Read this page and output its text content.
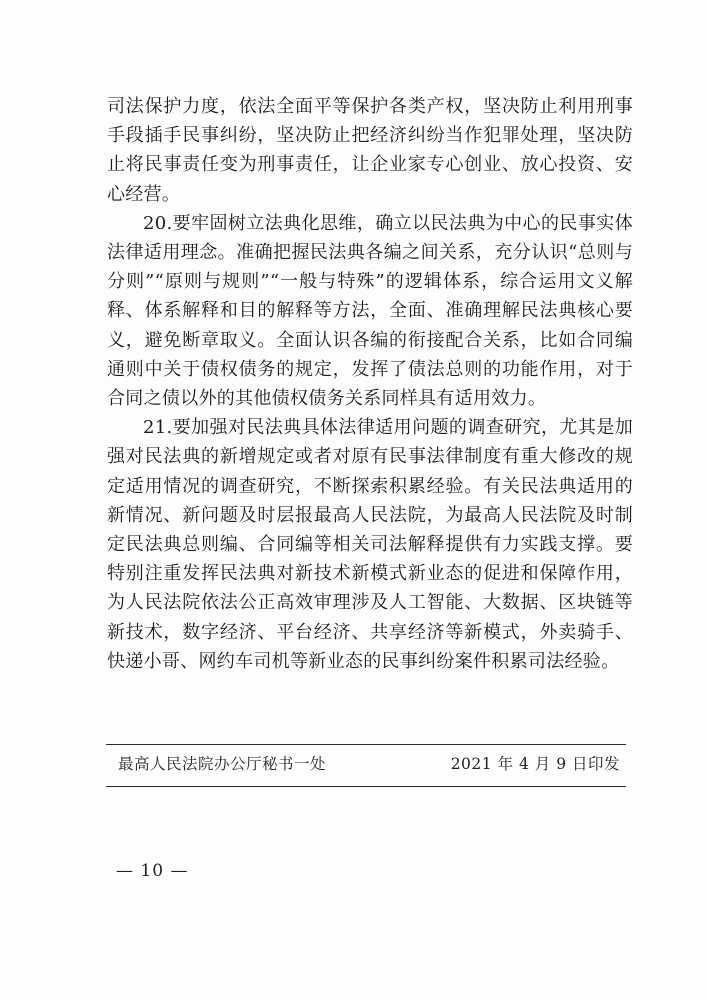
司法保护力度，依法全面平等保护各类产权，坚决防止利用刑事手段插手民事纠纷，坚决防止把经济纠纷当作犯罪处理，坚决防止将民事责任变为刑事责任，让企业家专心创业、放心投资、安心经营。

20.要牢固树立法典化思维，确立以民法典为中心的民事实体法律适用理念。准确把握民法典各编之间关系，充分认识“总则与分则”“原则与规则”“一般与特殊”的逻辑体系，综合运用文义解释、体系解释和目的解释等方法，全面、准确理解民法典核心要义，避免断章取义。全面认识各编的衔接配合关系，比如合同编通则中关于债权债务的规定，发挥了债法总则的功能作用，对于合同之债以外的其他债权债务关系同样具有适用效力。

21.要加强对民法典具体法律适用问题的调查研究，尤其是加强对民法典的新增规定或者对原有民事法律制度有重大修改的规定适用情况的调查研究，不断探索积累经验。有关民法典适用的新情况、新问题及时层报最高人民法院，为最高人民法院及时制定民法典总则编、合同编等相关司法解释提供有力实践支撑。要特别注重发挥民法典对新技术新模式新业态的促进和保障作用，为人民法院依法公正高效审理涉及人工智能、大数据、区块链等新技术，数字经济、平台经济、共享经济等新模式，外卖骑手、快递小哥、网约车司机等新业态的民事纠纷案件积累司法经验。

最高人民法院办公厅秘书一处	2021 年 4 月 9 日印发
— 10 —
